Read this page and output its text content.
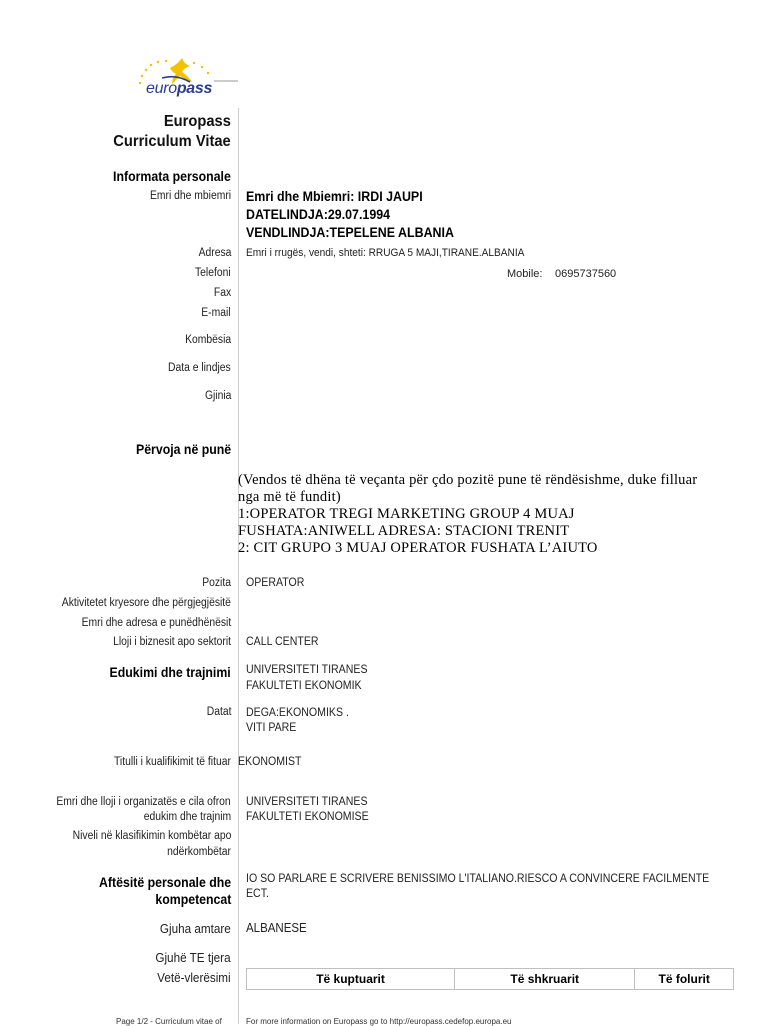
europass
Europass
Curriculum Vitae
Informata personale
Emri dhe mbiemri Emri dhe Mbiemri: IRDI JAUPI
DATELINDJA:29.07.1994
VENDLINDJA:TEPELENE ALBANIA
Adresa Emri i rrugës, vendi, shteti: RRUGA 5 MAJI,TIRANE.ALBANIA
Telefoni	Mobile: 0695737560
Fax
E-mail
Kombësia
Data e lindjes
Gjinia
Përvoja në punë
(Vendos të dhëna të veçanta për çdo pozitë pune të rëndësishme, duke filluar
nga më të fundit)
1:OPERATOR TREGI MARKETING GROUP 4 MUAJ
FUSHATA:ANIWELL ADRESA: STACIONI TRENIT
2: CIT GRUPO 3 MUAJ OPERATOR FUSHATA L’AIUTO
Pozita OPERATOR
Aktivitetet kryesore dhe përgjegjësitë
Emri dhe adresa e punëdhënësit
Lloji i biznesit apo sektorit CALL CENTER
Edukimi dhe trajnimi UNIVERSITETI TIRANES
FAKULTETI EKONOMIK
Datat DEGA:EKONOMIKS .
VITI PARE
Titulli i kualifikimit të fituar EKONOMIST
Emri dhe lloji i organizatës e cila ofron
edukim dhe trajnim
UNIVERSITETI TIRANES
FAKULTETI EKONOMISE
Niveli në klasifikimin kombëtar apo
ndërkombëtar
Aftësitë personale dhe
kompetencat
IO SO PARLARE E SCRIVERE BENISSIMO L'ITALIANO.RIESCO A CONVINCERE FACILMENTE
ECT.
Gjuha amtare ALBANESE
Gjuhë TE tjera
Vetë-vlerësimi	Të kuptuarit	Të shkruarit	Të folurit
Page 1/2 - Curriculum vitae of	For more information on Europass go to http://europass.cedefop.europa.eu
